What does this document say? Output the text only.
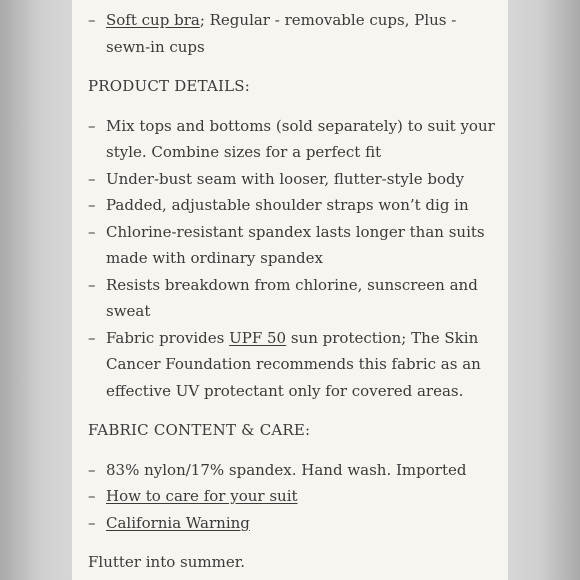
– Soft cup bra; Regular - removable cups, Plus - sewn-in cups
PRODUCT DETAILS:
– Mix tops and bottoms (sold separately) to suit your style. Combine sizes for a perfect fit
– Under-bust seam with looser, flutter-style body
– Padded, adjustable shoulder straps won’t dig in
– Chlorine-resistant spandex lasts longer than suits made with ordinary spandex
– Resists breakdown from chlorine, sunscreen and sweat
– Fabric provides UPF 50 sun protection; The Skin Cancer Foundation recommends this fabric as an effective UV protectant only for covered areas.
FABRIC CONTENT & CARE:
– 83% nylon/17% spandex. Hand wash. Imported
– How to care for your suit
– California Warning

Flutter into summer.
